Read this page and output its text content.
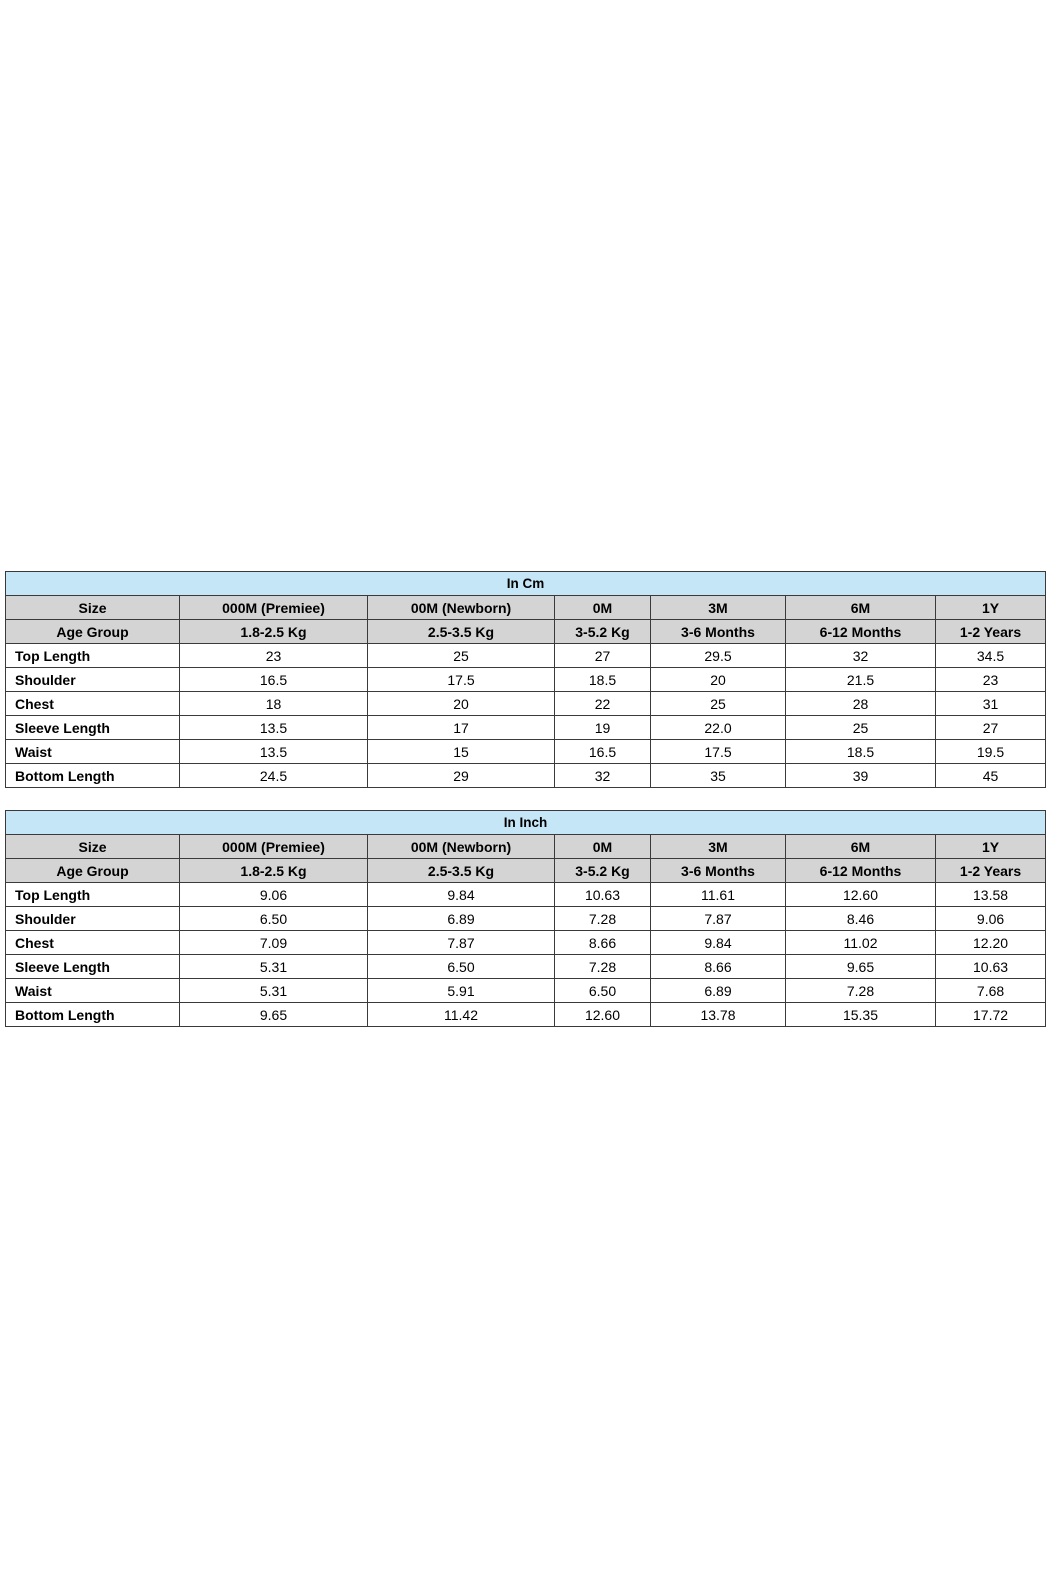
In Cm						
Size	000M (Premiee)	00M (Newborn)	0M	3M	6M	1Y
Age Group	1.8-2.5 Kg	2.5-3.5 Kg	3-5.2 Kg	3-6 Months	6-12 Months	1-2 Years
Top Length	23	25	27	29.5	32	34.5
Shoulder	16.5	17.5	18.5	20	21.5	23
Chest	18	20	22	25	28	31
Sleeve Length	13.5	17	19	22.0	25	27
Waist	13.5	15	16.5	17.5	18.5	19.5
Bottom Length	24.5	29	32	35	39	45
In Inch						
Size	000M (Premiee)	00M (Newborn)	0M	3M	6M	1Y
Age Group	1.8-2.5 Kg	2.5-3.5 Kg	3-5.2 Kg	3-6 Months	6-12 Months	1-2 Years
Top Length	9.06	9.84	10.63	11.61	12.60	13.58
Shoulder	6.50	6.89	7.28	7.87	8.46	9.06
Chest	7.09	7.87	8.66	9.84	11.02	12.20
Sleeve Length	5.31	6.50	7.28	8.66	9.65	10.63
Waist	5.31	5.91	6.50	6.89	7.28	7.68
Bottom Length	9.65	11.42	12.60	13.78	15.35	17.72
